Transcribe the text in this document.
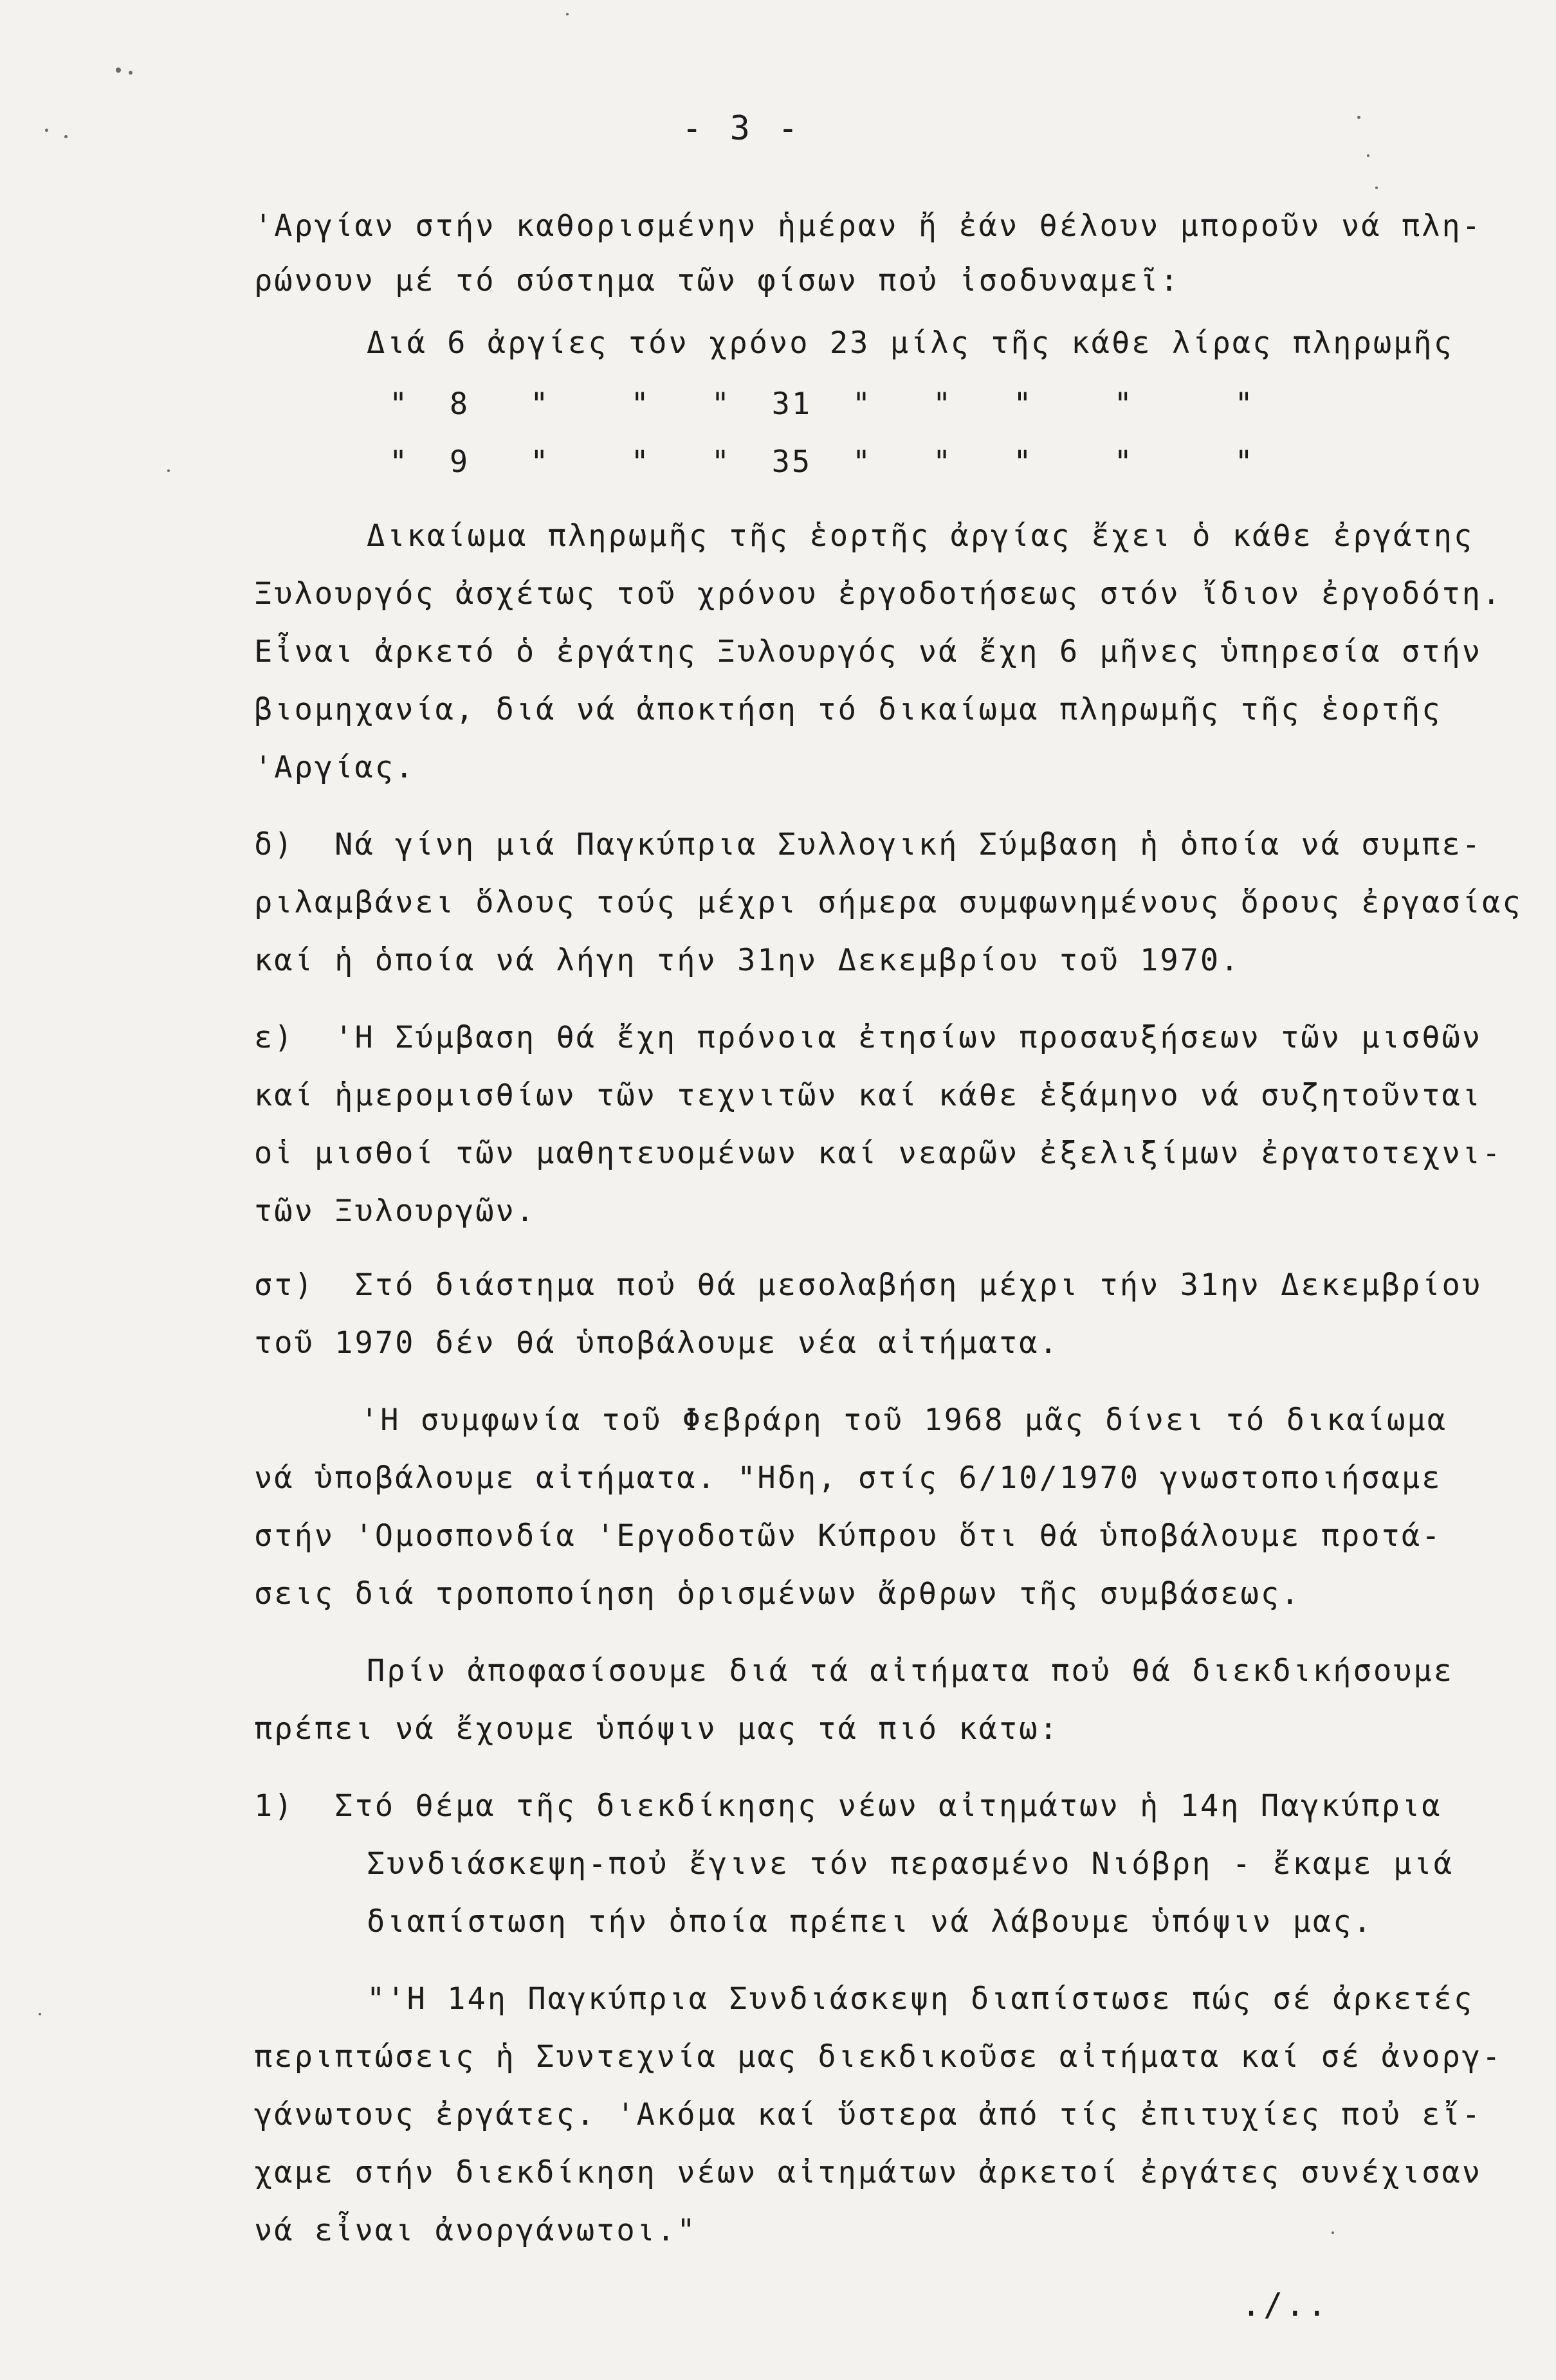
- 3 -
'Αργίαν στήν καθορισμένην ἡμέραν ἤ ἐάν θέλουν μποροῦν νά πλη-
ρώνουν μέ τό σύστημα τῶν φίσων ποὐ ἰσοδυναμεῖ:
Διά 6 ἀργίες τόν χρόνο 23 μίλς τῆς κάθε λίρας πληρωμῆς
"  8   "    "   "  31  "   "   "    "     "
"  9   "    "   "  35  "   "   "    "     "
Δικαίωμα πληρωμῆς τῆς ἑορτῆς ἀργίας ἔχει ὁ κάθε ἐργάτης
Ξυλουργός ἀσχέτως τοῦ χρόνου ἐργοδοτήσεως στόν ἴδιον ἐργοδότη.
Εἶναι ἀρκετό ὁ ἐργάτης Ξυλουργός νά ἔχη 6 μῆνες ὑπηρεσία στήν
βιομηχανία, διά νά ἀποκτήση τό δικαίωμα πληρωμῆς τῆς ἑορτῆς
'Αργίας.
δ)  Νά γίνη μιά Παγκύπρια Συλλογική Σύμβαση ἡ ὁποία νά συμπε-
ριλαμβάνει ὅλους τούς μέχρι σήμερα συμφωνημένους ὅρους ἐργασίας
καί ἡ ὁποία νά λήγη τήν 31ην Δεκεμβρίου τοῦ 1970.
ε)  'Η Σύμβαση θά ἔχη πρόνοια ἐτησίων προσαυξήσεων τῶν μισθῶν
καί ἡμερομισθίων τῶν τεχνιτῶν καί κάθε ἑξάμηνο νά συζητοῦνται
οἱ μισθοί τῶν μαθητευομένων καί νεαρῶν ἐξελιξίμων ἐργατοτεχνι-
τῶν Ξυλουργῶν.
στ)  Στό διάστημα ποὐ θά μεσολαβήση μέχρι τήν 31ην Δεκεμβρίου
τοῦ 1970 δέν θά ὑποβάλουμε νέα αἰτήματα.
'Η συμφωνία τοῦ Φεβράρη τοῦ 1968 μᾶς δίνει τό δικαίωμα
νά ὑποβάλουμε αἰτήματα. "Ηδη, στίς 6/10/1970 γνωστοποιήσαμε
στήν 'Ομοσπονδία 'Εργοδοτῶν Κύπρου ὅτι θά ὑποβάλουμε προτά-
σεις διά τροποποίηση ὁρισμένων ἄρθρων τῆς συμβάσεως.
Πρίν ἀποφασίσουμε διά τά αἰτήματα ποὐ θά διεκδικήσουμε
πρέπει νά ἔχουμε ὑπόψιν μας τά πιό κάτω:
1)  Στό θέμα τῆς διεκδίκησης νέων αἰτημάτων ἡ 14η Παγκύπρια
Συνδιάσκεψη-ποὐ ἔγινε τόν περασμένο Νιόβρη - ἔκαμε μιά
διαπίστωση τήν ὁποία πρέπει νά λάβουμε ὑπόψιν μας.
"'Η 14η Παγκύπρια Συνδιάσκεψη διαπίστωσε πώς σέ ἀρκετές
περιπτώσεις ἡ Συντεχνία μας διεκδικοῦσε αἰτήματα καί σέ ἀνοργ-
γάνωτους ἐργάτες. 'Ακόμα καί ὕστερα ἀπό τίς ἐπιτυχίες ποὐ εἴ-
χαμε στήν διεκδίκηση νέων αἰτημάτων ἀρκετοί ἐργάτες συνέχισαν
νά εἶναι ἀνοργάνωτοι."
./..
